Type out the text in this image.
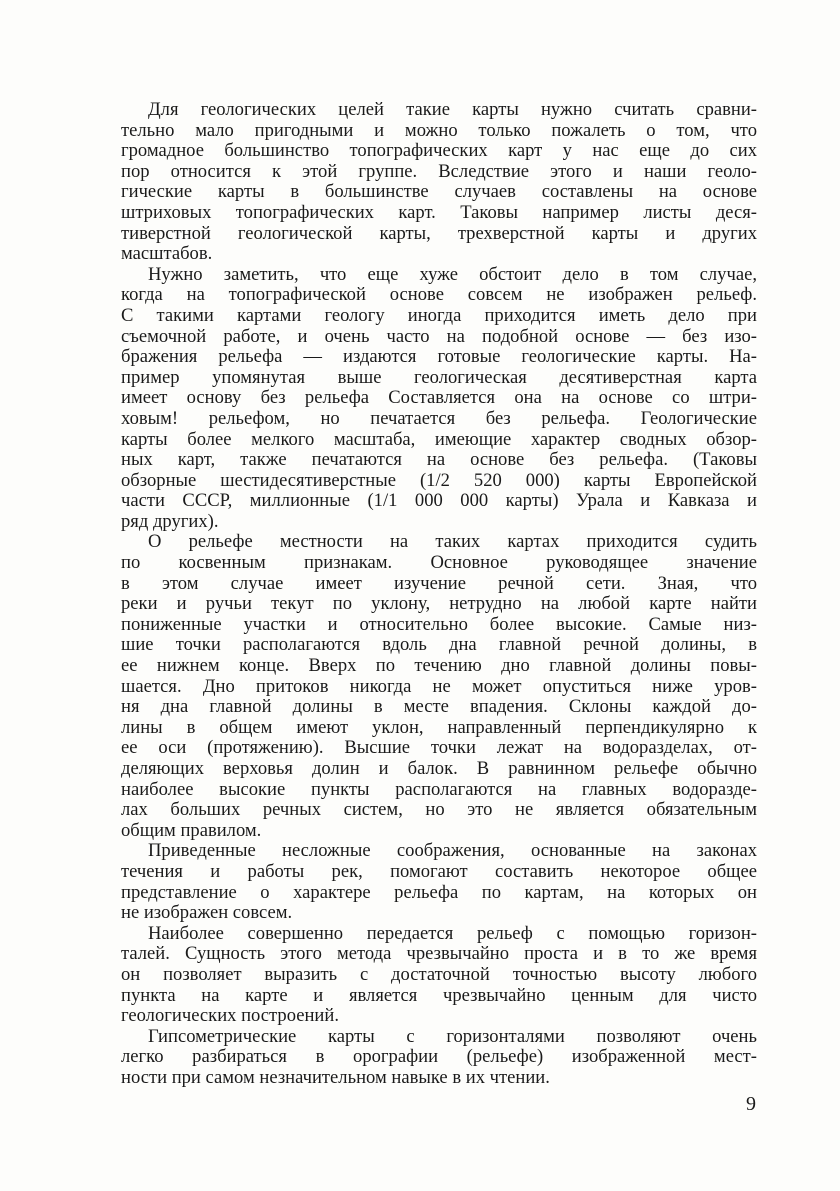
Для геологических целей такие карты нужно считать сравни-
тельно мало пригодными и можно только пожалеть о том, что
громадное большинство топографических карт у нас еще до сих
пор относится к этой группе. Вследствие этого и наши геоло-
гические карты в большинстве случаев составлены на основе
штриховых топографических карт. Таковы например листы деся-
тиверстной геологической карты, трехверстной карты и других
масштабов.
Нужно заметить, что еще хуже обстоит дело в том случае,
когда на топографической основе совсем не изображен рельеф.
С такими картами геологу иногда приходится иметь дело при
съемочной работе, и очень часто на подобной основе — без изо-
бражения рельефа — издаются готовые геологические карты. На-
пример упомянутая выше геологическая десятиверстная карта
имеет основу без рельефа Составляется она на основе со штри-
ховым! рельефом, но печатается без рельефа. Геологические
карты более мелкого масштаба, имеющие характер сводных обзор-
ных карт, также печатаются на основе без рельефа. (Таковы
обзорные шестидесятиверстные (1/2 520 000) карты Европейской
части СССР, миллионные (1/1 000 000 карты) Урала и Кавказа и
ряд других).
О рельефе местности на таких картах приходится судить
по косвенным признакам. Основное руководящее значение
в этом случае имеет изучение речной сети. Зная, что
реки и ручьи текут по уклону, нетрудно на любой карте найти
пониженные участки и относительно более высокие. Самые низ-
шие точки располагаются вдоль дна главной речной долины, в
ее нижнем конце. Вверх по течению дно главной долины повы-
шается. Дно притоков никогда не может опуститься ниже уров-
ня дна главной долины в месте впадения. Склоны каждой до-
лины в общем имеют уклон, направленный перпендикулярно к
ее оси (протяжению). Высшие точки лежат на водоразделах, от-
деляющих верховья долин и балок. В равнинном рельефе обычно
наиболее высокие пункты располагаются на главных водоразде-
лах больших речных систем, но это не является обязательным
общим правилом.
Приведенные несложные соображения, основанные на законах
течения и работы рек, помогают составить некоторое общее
представление о характере рельефа по картам, на которых он
не изображен совсем.
Наиболее совершенно передается рельеф с помощью горизон-
талей. Сущность этого метода чрезвычайно проста и в то же время
он позволяет выразить с достаточной точностью высоту любого
пункта на карте и является чрезвычайно ценным для чисто
геологических построений.
Гипсометрические карты с горизонталями позволяют очень
легко разбираться в орографии (рельефе) изображенной мест-
ности при самом незначительном навыке в их чтении.
9
